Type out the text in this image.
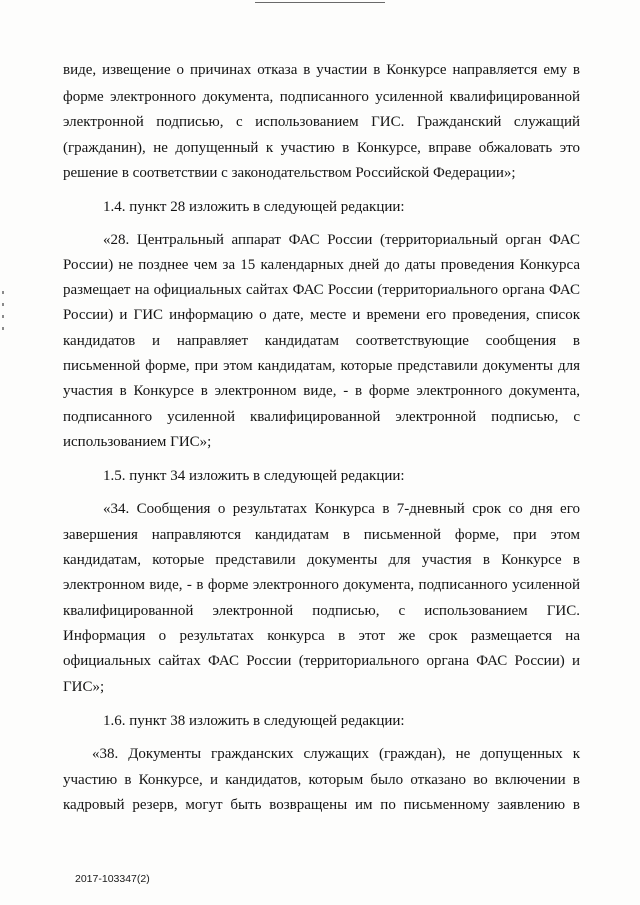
виде, извещение о причинах отказа в участии в Конкурсе направляется ему в
форме электронного документа, подписанного усиленной квалифицированной
электронной подписью, с использованием ГИС. Гражданский служащий
(гражданин), не допущенный к участию в Конкурсе, вправе обжаловать это
решение в соответствии с законодательством Российской Федерации»;
1.4. пункт 28 изложить в следующей редакции:
«28. Центральный аппарат ФАС России (территориальный орган ФАС
России) не позднее чем за 15 календарных дней до даты проведения Конкурса
размещает на официальных сайтах ФАС России (территориального органа ФАС
России) и ГИС информацию о дате, месте и времени его проведения, список
кандидатов и направляет кандидатам соответствующие сообщения в
письменной форме, при этом кандидатам, которые представили документы для
участия в Конкурсе в электронном виде, - в форме электронного документа,
подписанного усиленной квалифицированной электронной подписью, с
использованием ГИС»;
1.5. пункт 34 изложить в следующей редакции:
«34. Сообщения о результатах Конкурса в 7-дневный срок со дня его
завершения направляются кандидатам в письменной форме, при этом
кандидатам, которые представили документы для участия в Конкурсе в
электронном виде, - в форме электронного документа, подписанного усиленной
квалифицированной электронной подписью, с использованием ГИС.
Информация о результатах конкурса в этот же срок размещается на
официальных сайтах ФАС России (территориального органа ФАС России) и
ГИС»;
1.6. пункт 38 изложить в следующей редакции:
«38. Документы гражданских служащих (граждан), не допущенных к
участию в Конкурсе, и кандидатов, которым было отказано во включении в
кадровый резерв, могут быть возвращены им по письменному заявлению в
2017-103347(2)
